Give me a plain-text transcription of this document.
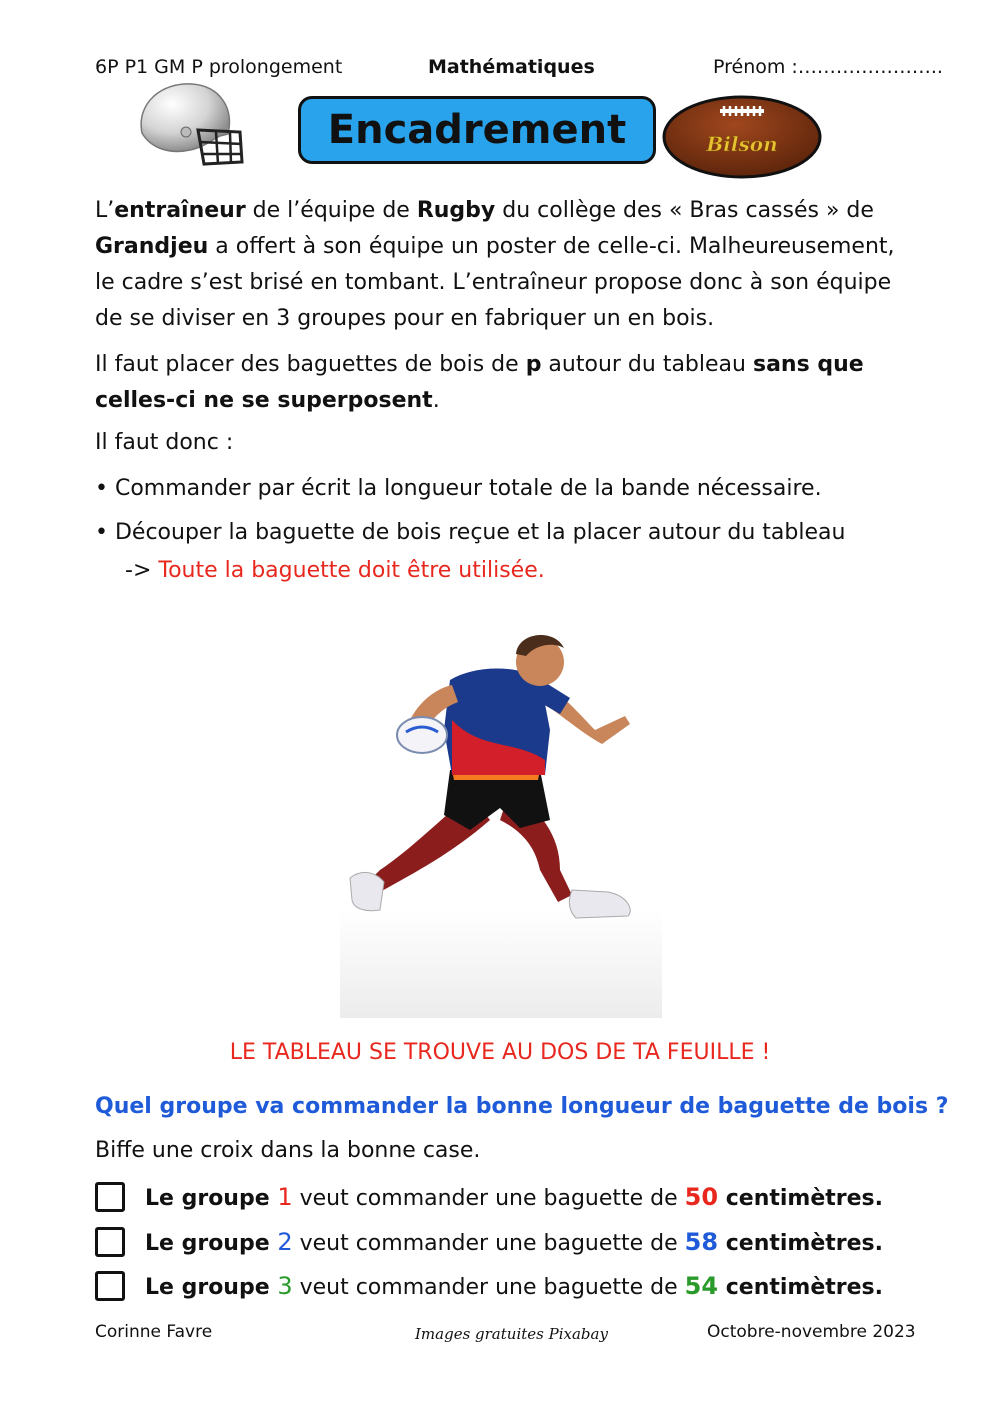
6P P1 GM P prolongement	Mathématiques	Prénom :…………………..
Encadrement	Bilson
L’entraîneur de l’équipe de Rugby du collège des « Bras cassés » de Grandjeu a offert à son équipe un poster de celle-ci. Malheureusement, le cadre s’est brisé en tombant. L’entraîneur propose donc à son équipe de se diviser en 3 groupes pour en fabriquer un en bois.
Il faut placer des baguettes de bois de p autour du tableau sans que celles-ci ne se superposent.
Il faut donc :
• Commander par écrit la longueur totale de la bande nécessaire.
• Découper la baguette de bois reçue et la placer autour du tableau
-> Toute la baguette doit être utilisée.
LE TABLEAU SE TROUVE AU DOS DE TA FEUILLE !
Quel groupe va commander la bonne longueur de baguette de bois ?
Biffe une croix dans la bonne case.
Le groupe 1 veut commander une baguette de 50 centimètres.
Le groupe 2 veut commander une baguette de 58 centimètres.
Le groupe 3 veut commander une baguette de 54 centimètres.
Corinne Favre	Images gratuites Pixabay	Octobre-novembre 2023
